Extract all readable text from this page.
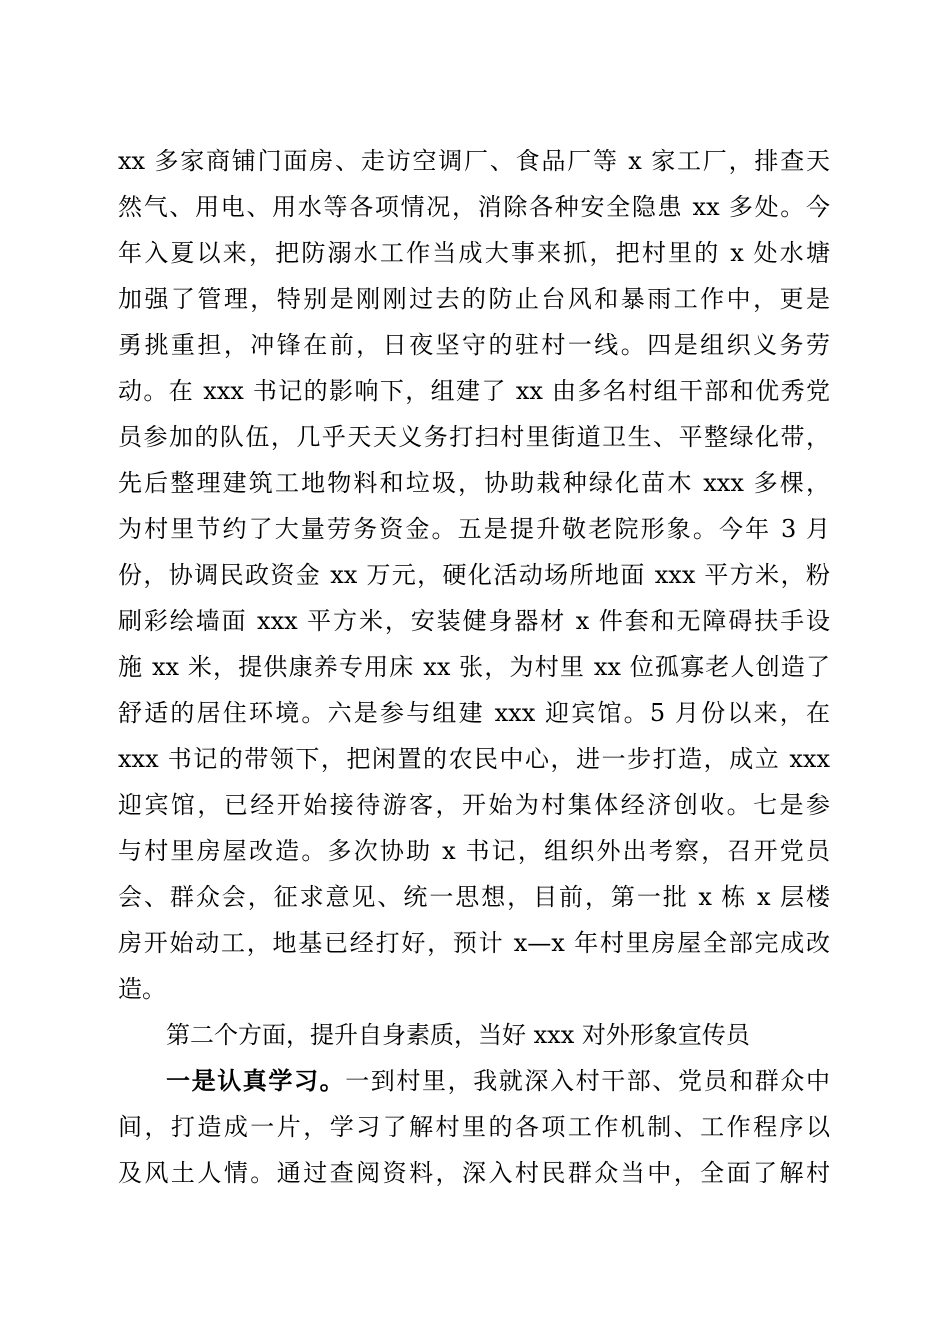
xx 多家商铺门面房、走访空调厂、食品厂等 x 家工厂，排查天
然气、用电、用水等各项情况，消除各种安全隐患 xx 多处。今
年入夏以来，把防溺水工作当成大事来抓，把村里的 x 处水塘
加强了管理，特别是刚刚过去的防止台风和暴雨工作中，更是
勇挑重担，冲锋在前，日夜坚守的驻村一线。四是组织义务劳
动。在 xxx 书记的影响下，组建了 xx 由多名村组干部和优秀党
员参加的队伍，几乎天天义务打扫村里街道卫生、平整绿化带，
先后整理建筑工地物料和垃圾，协助栽种绿化苗木 xxx 多棵，
为村里节约了大量劳务资金。五是提升敬老院形象。今年 3 月
份，协调民政资金 xx 万元，硬化活动场所地面 xxx 平方米，粉
刷彩绘墙面 xxx 平方米，安装健身器材 x 件套和无障碍扶手设
施 xx 米，提供康养专用床 xx 张，为村里 xx 位孤寡老人创造了
舒适的居住环境。六是参与组建 xxx 迎宾馆。5 月份以来，在
xxx 书记的带领下，把闲置的农民中心，进一步打造，成立 xxx
迎宾馆，已经开始接待游客，开始为村集体经济创收。七是参
与村里房屋改造。多次协助 x 书记，组织外出考察，召开党员
会、群众会，征求意见、统一思想，目前，第一批 x 栋 x 层楼
房开始动工，地基已经打好，预计 x—x 年村里房屋全部完成改
造。
第二个方面，提升自身素质，当好 xxx 对外形象宣传员
一是认真学习。一到村里，我就深入村干部、党员和群众中
间，打造成一片，学习了解村里的各项工作机制、工作程序以
及风土人情。通过查阅资料，深入村民群众当中，全面了解村
